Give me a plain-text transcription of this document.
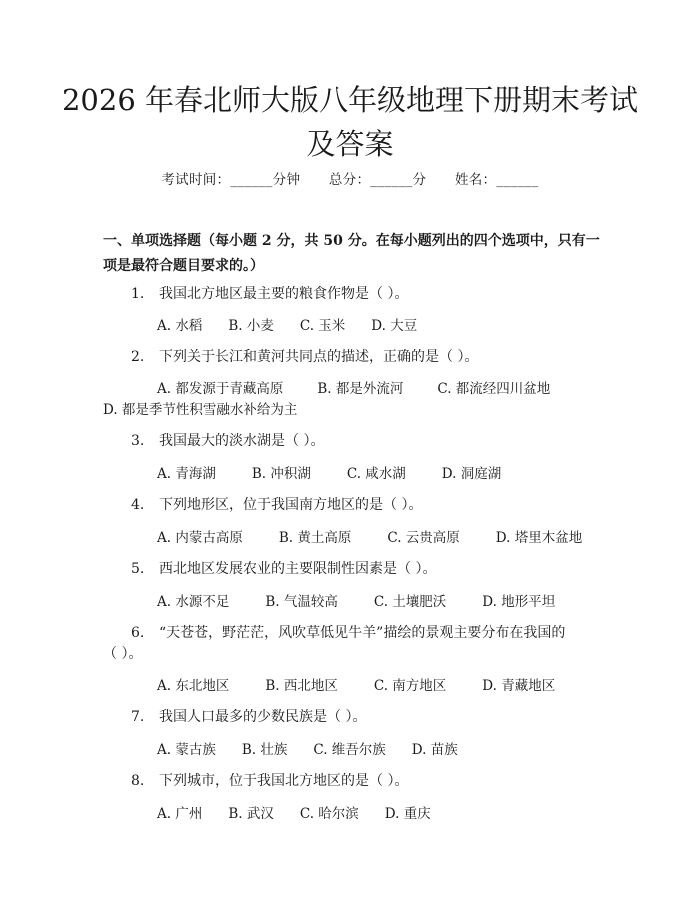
2026 年春北师大版八年级地理下册期末考试
及答案
考试时间：______分钟 总分：______分 姓名：______
一、单项选择题（每小题 2 分，共 50 分。在每小题列出的四个选项中，只有一项是最符合题目要求的。）
1. 我国北方地区最主要的粮食作物是（ ）。
A. 水稻 B. 小麦 C. 玉米 D. 大豆
2. 下列关于长江和黄河共同点的描述，正确的是（ ）。
A. 都发源于青藏高原	B. 都是外流河	C. 都流经四川盆地
D. 都是季节性积雪融水补给为主
3. 我国最大的淡水湖是（ ）。
A. 青海湖	B. 冲积湖	C. 咸水湖	D. 洞庭湖
4. 下列地形区，位于我国南方地区的是（ ）。
A. 内蒙古高原	B. 黄土高原	C. 云贵高原	D. 塔里木盆地
5. 西北地区发展农业的主要限制性因素是（ ）。
A. 水源不足	B. 气温较高	C. 土壤肥沃	D. 地形平坦
6. “天苍苍，野茫茫，风吹草低见牛羊”描绘的景观主要分布在我国的
（ ）。
A. 东北地区	B. 西北地区	C. 南方地区	D. 青藏地区
7. 我国人口最多的少数民族是（ ）。
A. 蒙古族 B. 壮族 C. 维吾尔族 D. 苗族
8. 下列城市，位于我国北方地区的是（ ）。
A. 广州 B. 武汉 C. 哈尔滨 D. 重庆
